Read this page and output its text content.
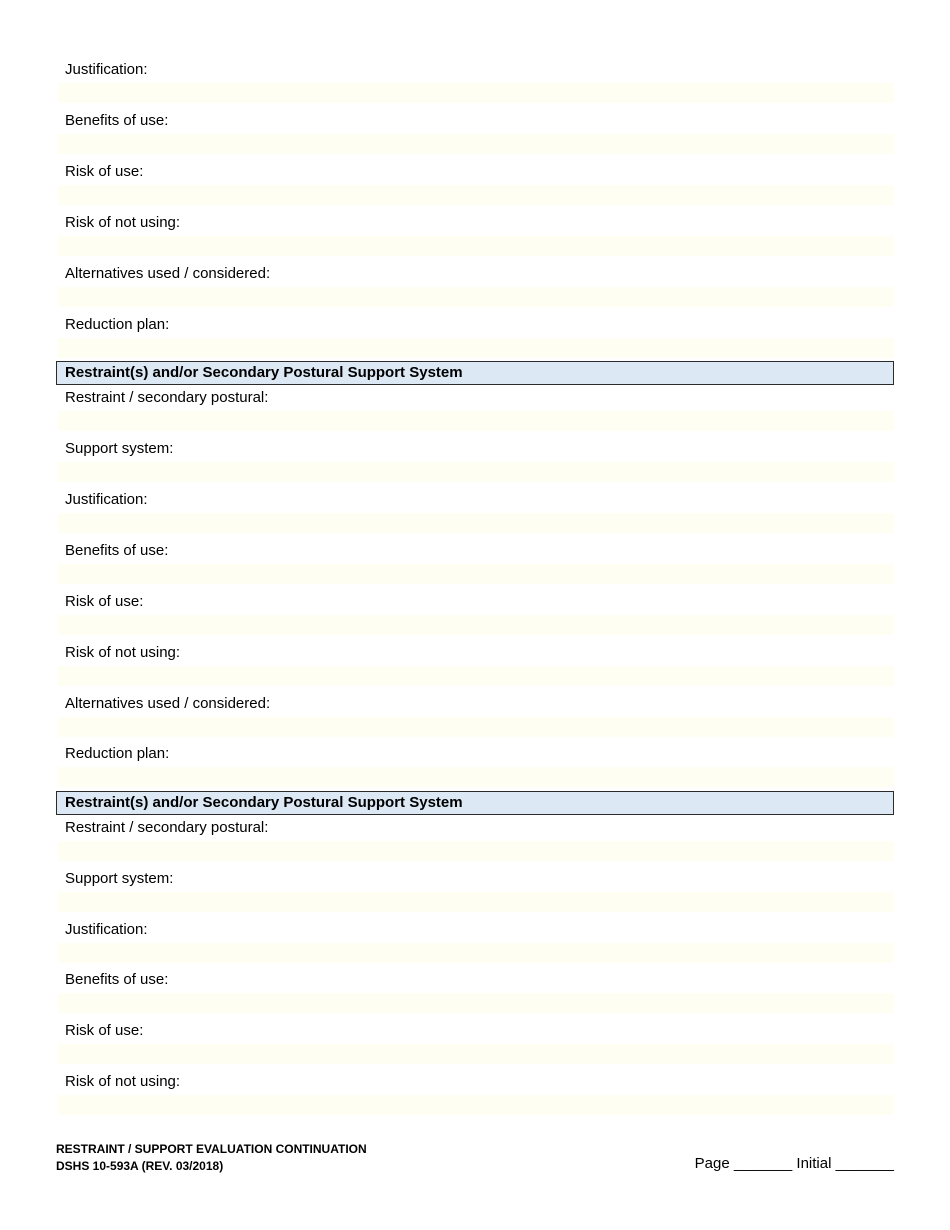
Justification:
Benefits of use:
Risk of use:
Risk of not using:
Alternatives used / considered:
Reduction plan:
Restraint(s) and/or Secondary Postural Support System
Restraint / secondary postural:
Support system:
Justification:
Benefits of use:
Risk of use:
Risk of not using:
Alternatives used / considered:
Reduction plan:
Restraint(s) and/or Secondary Postural Support System
Restraint / secondary postural:
Support system:
Justification:
Benefits of use:
Risk of use:
Risk of not using:
RESTRAINT / SUPPORT EVALUATION CONTINUATION
DSHS 10-593A (REV. 03/2018)	Page _______ Initial _______
